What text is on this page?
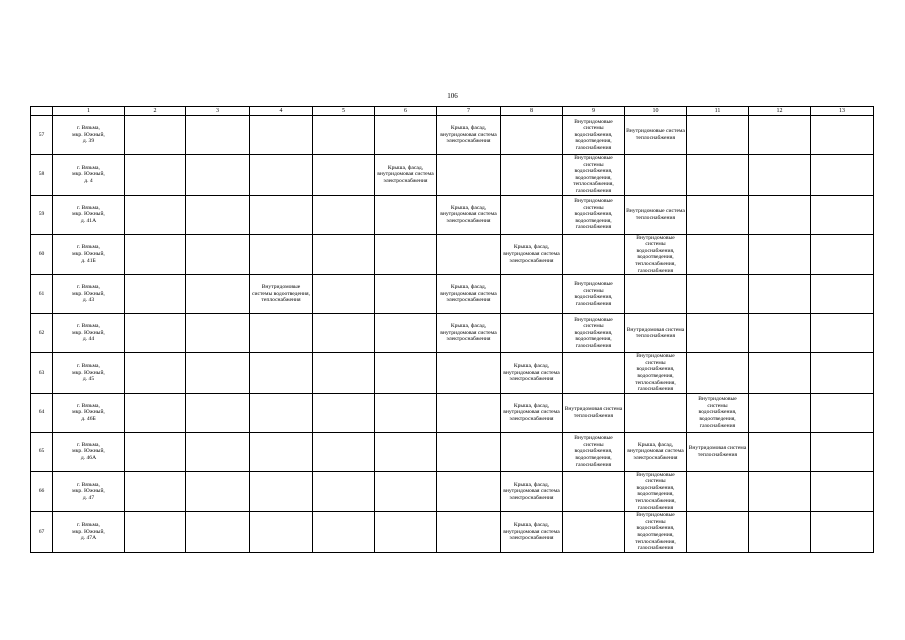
106
	1	2	3	4	5	6	7	8	9	10	11	12	13
57	г. Вязьма,
мкр. Южный,
д. 39						Крыша, фасад, внутридомовая система электроснабжения		Внутридомовые системы водоснабжения, водоотведения, газоснабжения	Внутридомовые система теплоснабжения			
58	г. Вязьма,
мкр. Южный,
д. 4					Крыша, фасад, внутридомовая система электроснабжения			Внутридомовые системы водоснабжения, водоотведения, теплоснабжения, газоснабжения				
59	г. Вязьма,
мкр. Южный,
д. 41А						Крыша, фасад, внутридомовая система электроснабжения		Внутридомовые системы водоснабжения, водоотведения, газоснабжения	Внутридомовые система теплоснабжения			
60	г. Вязьма,
мкр. Южный,
д. 41Б							Крыша, фасад, внутридомовая система электроснабжения		Внутридомовые системы водоснабжения, водоотведения, теплоснабжения, газоснабжения			
61	г. Вязьма,
мкр. Южный,
д. 43			Внутридомовые системы водоотведения, теплоснабжения			Крыша, фасад, внутридомовая система электроснабжения		Внутридомовые системы водоснабжения, газоснабжения				
62	г. Вязьма,
мкр. Южный,
д. 44						Крыша, фасад, внутридомовая система электроснабжения		Внутридомовые системы водоснабжения, водоотведения, газоснабжения	Внутридомовая система теплоснабжения			
63	г. Вязьма,
мкр. Южный,
д. 45							Крыша, фасад, внутридомовая система электроснабжения		Внутридомовые системы водоснабжения, водоотведения, теплоснабжения, газоснабжения			
64	г. Вязьма,
мкр. Южный,
д. 46Б							Крыша, фасад, внутридомовая система электроснабжения	Внутридомовая система теплоснабжения		Внутридомовые системы водоснабжения, водоотведения, газоснабжения		
65	г. Вязьма,
мкр. Южный,
д. 46А								Внутридомовые системы водоснабжения, водоотведения, газоснабжения	Крыша, фасад, внутридомовая система электроснабжения	Внутридомовая система теплоснабжения		
66	г. Вязьма,
мкр. Южный,
д. 47							Крыша, фасад, внутридомовая система электроснабжения		Внутридомовые системы водоснабжения, водоотведения, теплоснабжения, газоснабжения			
67	г. Вязьма,
мкр. Южный,
д. 47А							Крыша, фасад, внутридомовая система электроснабжения		Внутридомовые системы водоснабжения, водоотведения, теплоснабжения, газоснабжения			
